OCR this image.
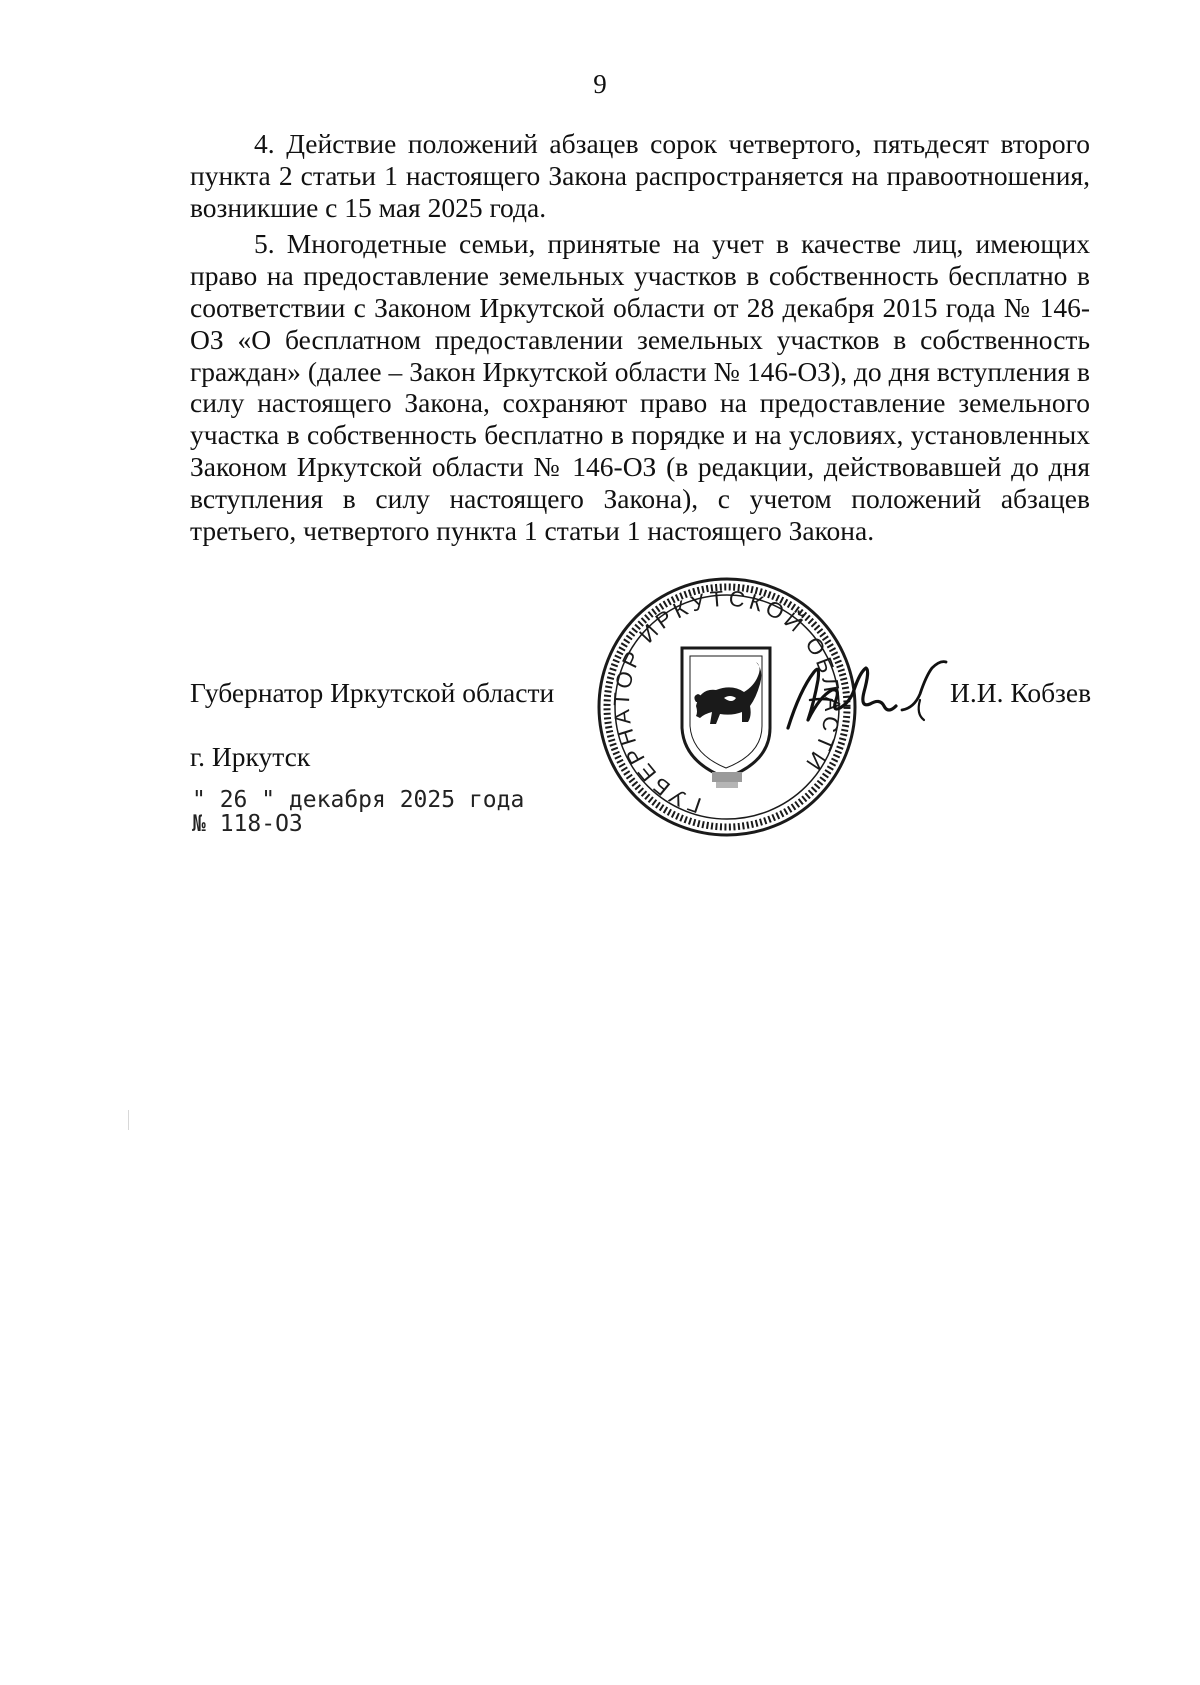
9

4. Действие положений абзацев сорок четвертого, пятьдесят второго пункта 2 статьи 1 настоящего Закона распространяется на правоотношения, возникшие с 15 мая 2025 года.

5. Многодетные семьи, принятые на учет в качестве лиц, имеющих право на предоставление земельных участков в собственность бесплатно в соответствии с Законом Иркутской области от 28 декабря 2015 года № 146-ОЗ «О бесплатном предоставлении земельных участков в собственность граждан» (далее – Закон Иркутской области № 146-ОЗ), до дня вступления в силу настоящего Закона, сохраняют право на предоставление земельного участка в собственность бесплатно в порядке и на условиях, установленных Законом Иркутской области № 146-ОЗ (в редакции, действовавшей до дня вступления в силу настоящего Закона), с учетом положений абзацев третьего, четвертого пункта 1 статьи 1 настоящего Закона.

Губернатор Иркутской области	И.И. Кобзев
г. Иркутск
" 26 " декабря 2025 года
№ 118-ОЗ
ГУБЕРНАТОР ИРКУТСКОЙ ОБЛАСТИ
